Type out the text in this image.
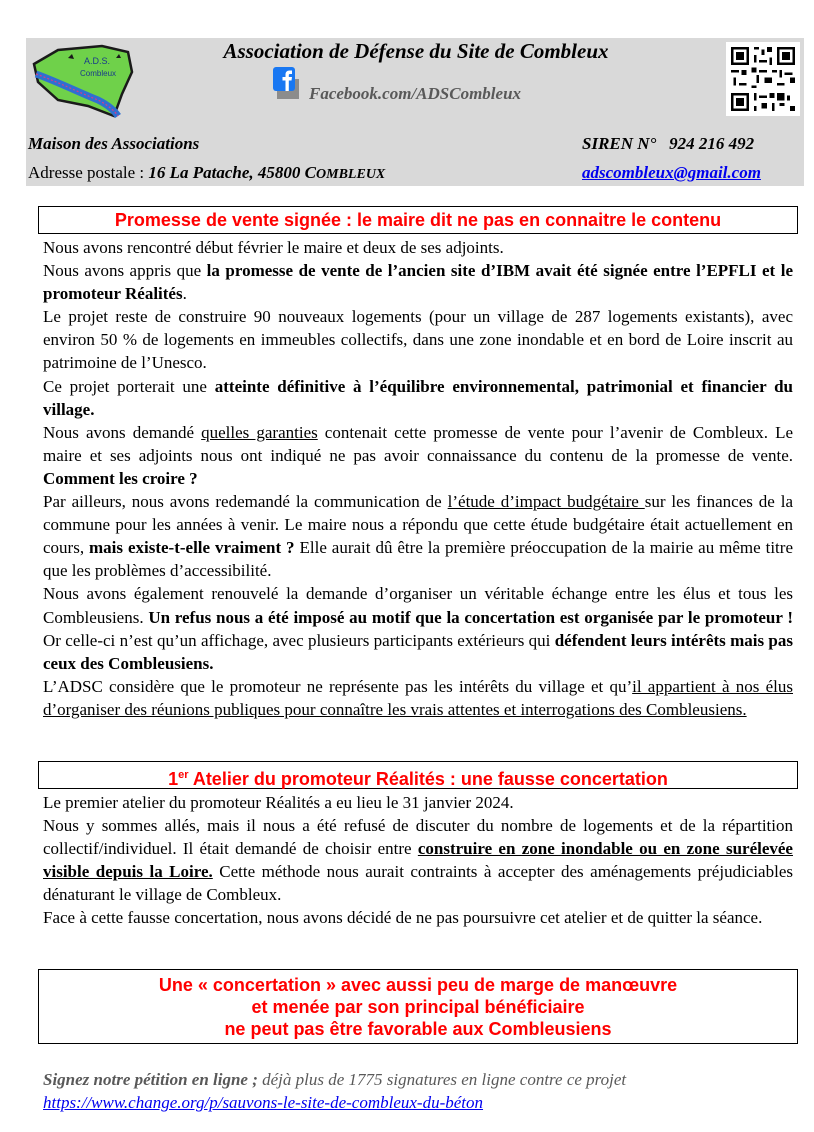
A.D.S.
Combleux
Association de Défense du Site de Combleux
Facebook.com/ADSCombleux
Maison des Associations	SIREN N°   924 216 492
Adresse postale : 16 La Patache, 45800 COMBLEUX	adscombleux@gmail.com
Promesse de vente signée : le maire dit ne pas en connaitre le contenu

Nous avons rencontré début février le maire et deux de ses adjoints.

Nous avons appris que la promesse de vente de l’ancien site d’IBM avait été signée entre l’EPFLI et le promoteur Réalités.

Le projet reste de construire 90 nouveaux logements (pour un village de 287 logements existants), avec environ 50 % de logements en immeubles collectifs, dans une zone inondable et en bord de Loire inscrit au patrimoine de l’Unesco.

Ce projet porterait une atteinte définitive à l’équilibre environnemental, patrimonial et financier du village.

Nous avons demandé quelles garanties contenait cette promesse de vente pour l’avenir de Combleux. Le maire et ses adjoints nous ont indiqué ne pas avoir connaissance du contenu de la promesse de vente. Comment les croire ?

Par ailleurs, nous avons redemandé la communication de l’étude d’impact budgétaire sur les finances de la commune pour les années à venir. Le maire nous a répondu que cette étude budgétaire était actuellement en cours, mais existe-t-elle vraiment ? Elle aurait dû être la première préoccupation de la mairie au même titre que les problèmes d’accessibilité.

Nous avons également renouvelé la demande d’organiser un véritable échange entre les élus et tous les Combleusiens. Un refus nous a été imposé au motif que la concertation est organisée par le promoteur ! Or celle-ci n’est qu’un affichage, avec plusieurs participants extérieurs qui défendent leurs intérêts mais pas ceux des Combleusiens.

L’ADSC considère que le promoteur ne représente pas les intérêts du village et qu’il appartient à nos élus d’organiser des réunions publiques pour connaître les vrais attentes et interrogations des Combleusiens.

1er Atelier du promoteur Réalités : une fausse concertation

Le premier atelier du promoteur Réalités a eu lieu le 31 janvier 2024.

Nous y sommes allés, mais il nous a été refusé de discuter du nombre de logements et de la répartition collectif/individuel. Il était demandé de choisir entre construire en zone inondable ou en zone surélevée visible depuis la Loire. Cette méthode nous aurait contraints à accepter des aménagements préjudiciables dénaturant le village de Combleux.

Face à cette fausse concertation, nous avons décidé de ne pas poursuivre cet atelier et de quitter la séance.

Une « concertation » avec aussi peu de marge de manœuvre
et menée par son principal bénéficiaire
ne peut pas être favorable aux Combleusiens
Signez notre pétition en ligne ; déjà plus de 1775 signatures en ligne contre ce projet
https://www.change.org/p/sauvons-le-site-de-combleux-du-béton
